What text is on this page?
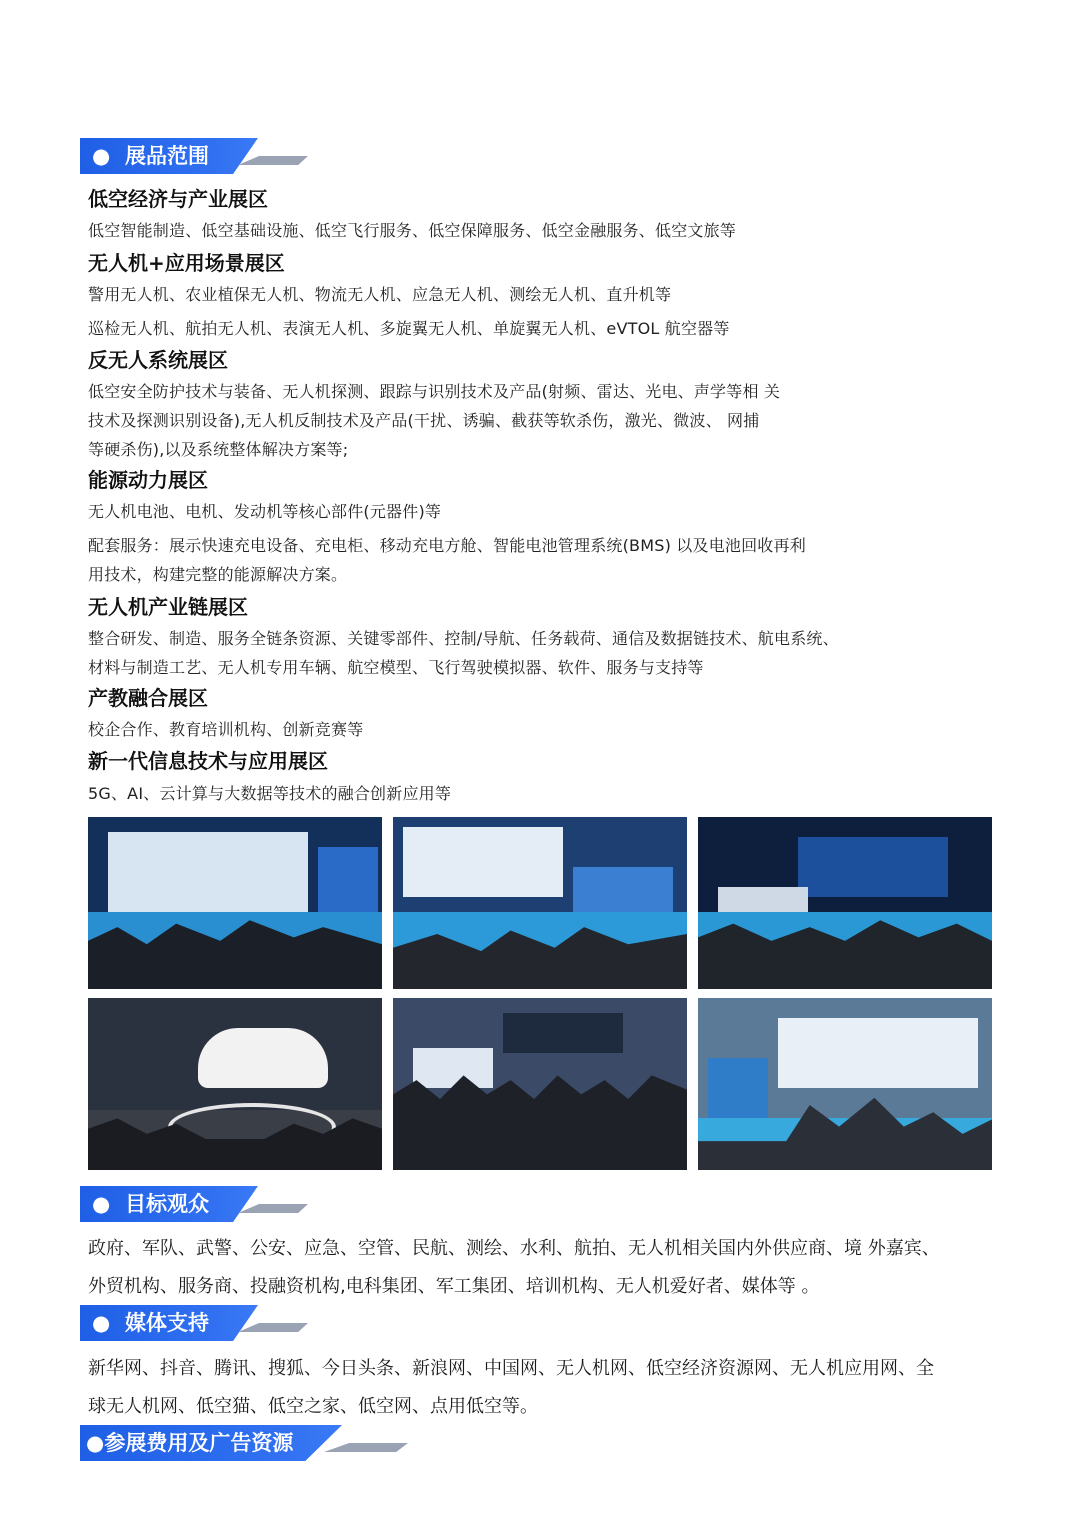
● 展品范围
低空经济与产业展区
低空智能制造、低空基础设施、低空飞行服务、低空保障服务、低空金融服务、低空文旅等
无人机+应用场景展区
警用无人机、农业植保无人机、物流无人机、应急无人机、测绘无人机、直升机等
巡检无人机、航拍无人机、表演无人机、多旋翼无人机、单旋翼无人机、eVTOL 航空器等
反无人系统展区
低空安全防护技术与装备、无人机探测、跟踪与识别技术及产品(射频、雷达、光电、声学等相 关
技术及探测识别设备),无人机反制技术及产品(干扰、诱骗、截获等软杀伤，激光、微波、 网捕
等硬杀伤),以及系统整体解决方案等;
能源动力展区
无人机电池、电机、发动机等核心部件(元器件)等
配套服务：展示快速充电设备、充电柜、移动充电方舱、智能电池管理系统(BMS) 以及电池回收再利
用技术，构建完整的能源解决方案。
无人机产业链展区
整合研发、制造、服务全链条资源、关键零部件、控制/导航、任务载荷、通信及数据链技术、航电系统、
材料与制造工艺、无人机专用车辆、航空模型、飞行驾驶模拟器、软件、服务与支持等
产教融合展区
校企合作、教育培训机构、创新竞赛等
新一代信息技术与应用展区
5G、AI、云计算与大数据等技术的融合创新应用等
● 目标观众
政府、军队、武警、公安、应急、空管、民航、测绘、水利、航拍、无人机相关国内外供应商、境 外嘉宾、
外贸机构、服务商、投融资机构,电科集团、军工集团、培训机构、无人机爱好者、媒体等 。
● 媒体支持
新华网、抖音、腾讯、搜狐、今日头条、新浪网、中国网、无人机网、低空经济资源网、无人机应用网、全
球无人机网、低空猫、低空之家、低空网、点用低空等。
●参展费用及广告资源
